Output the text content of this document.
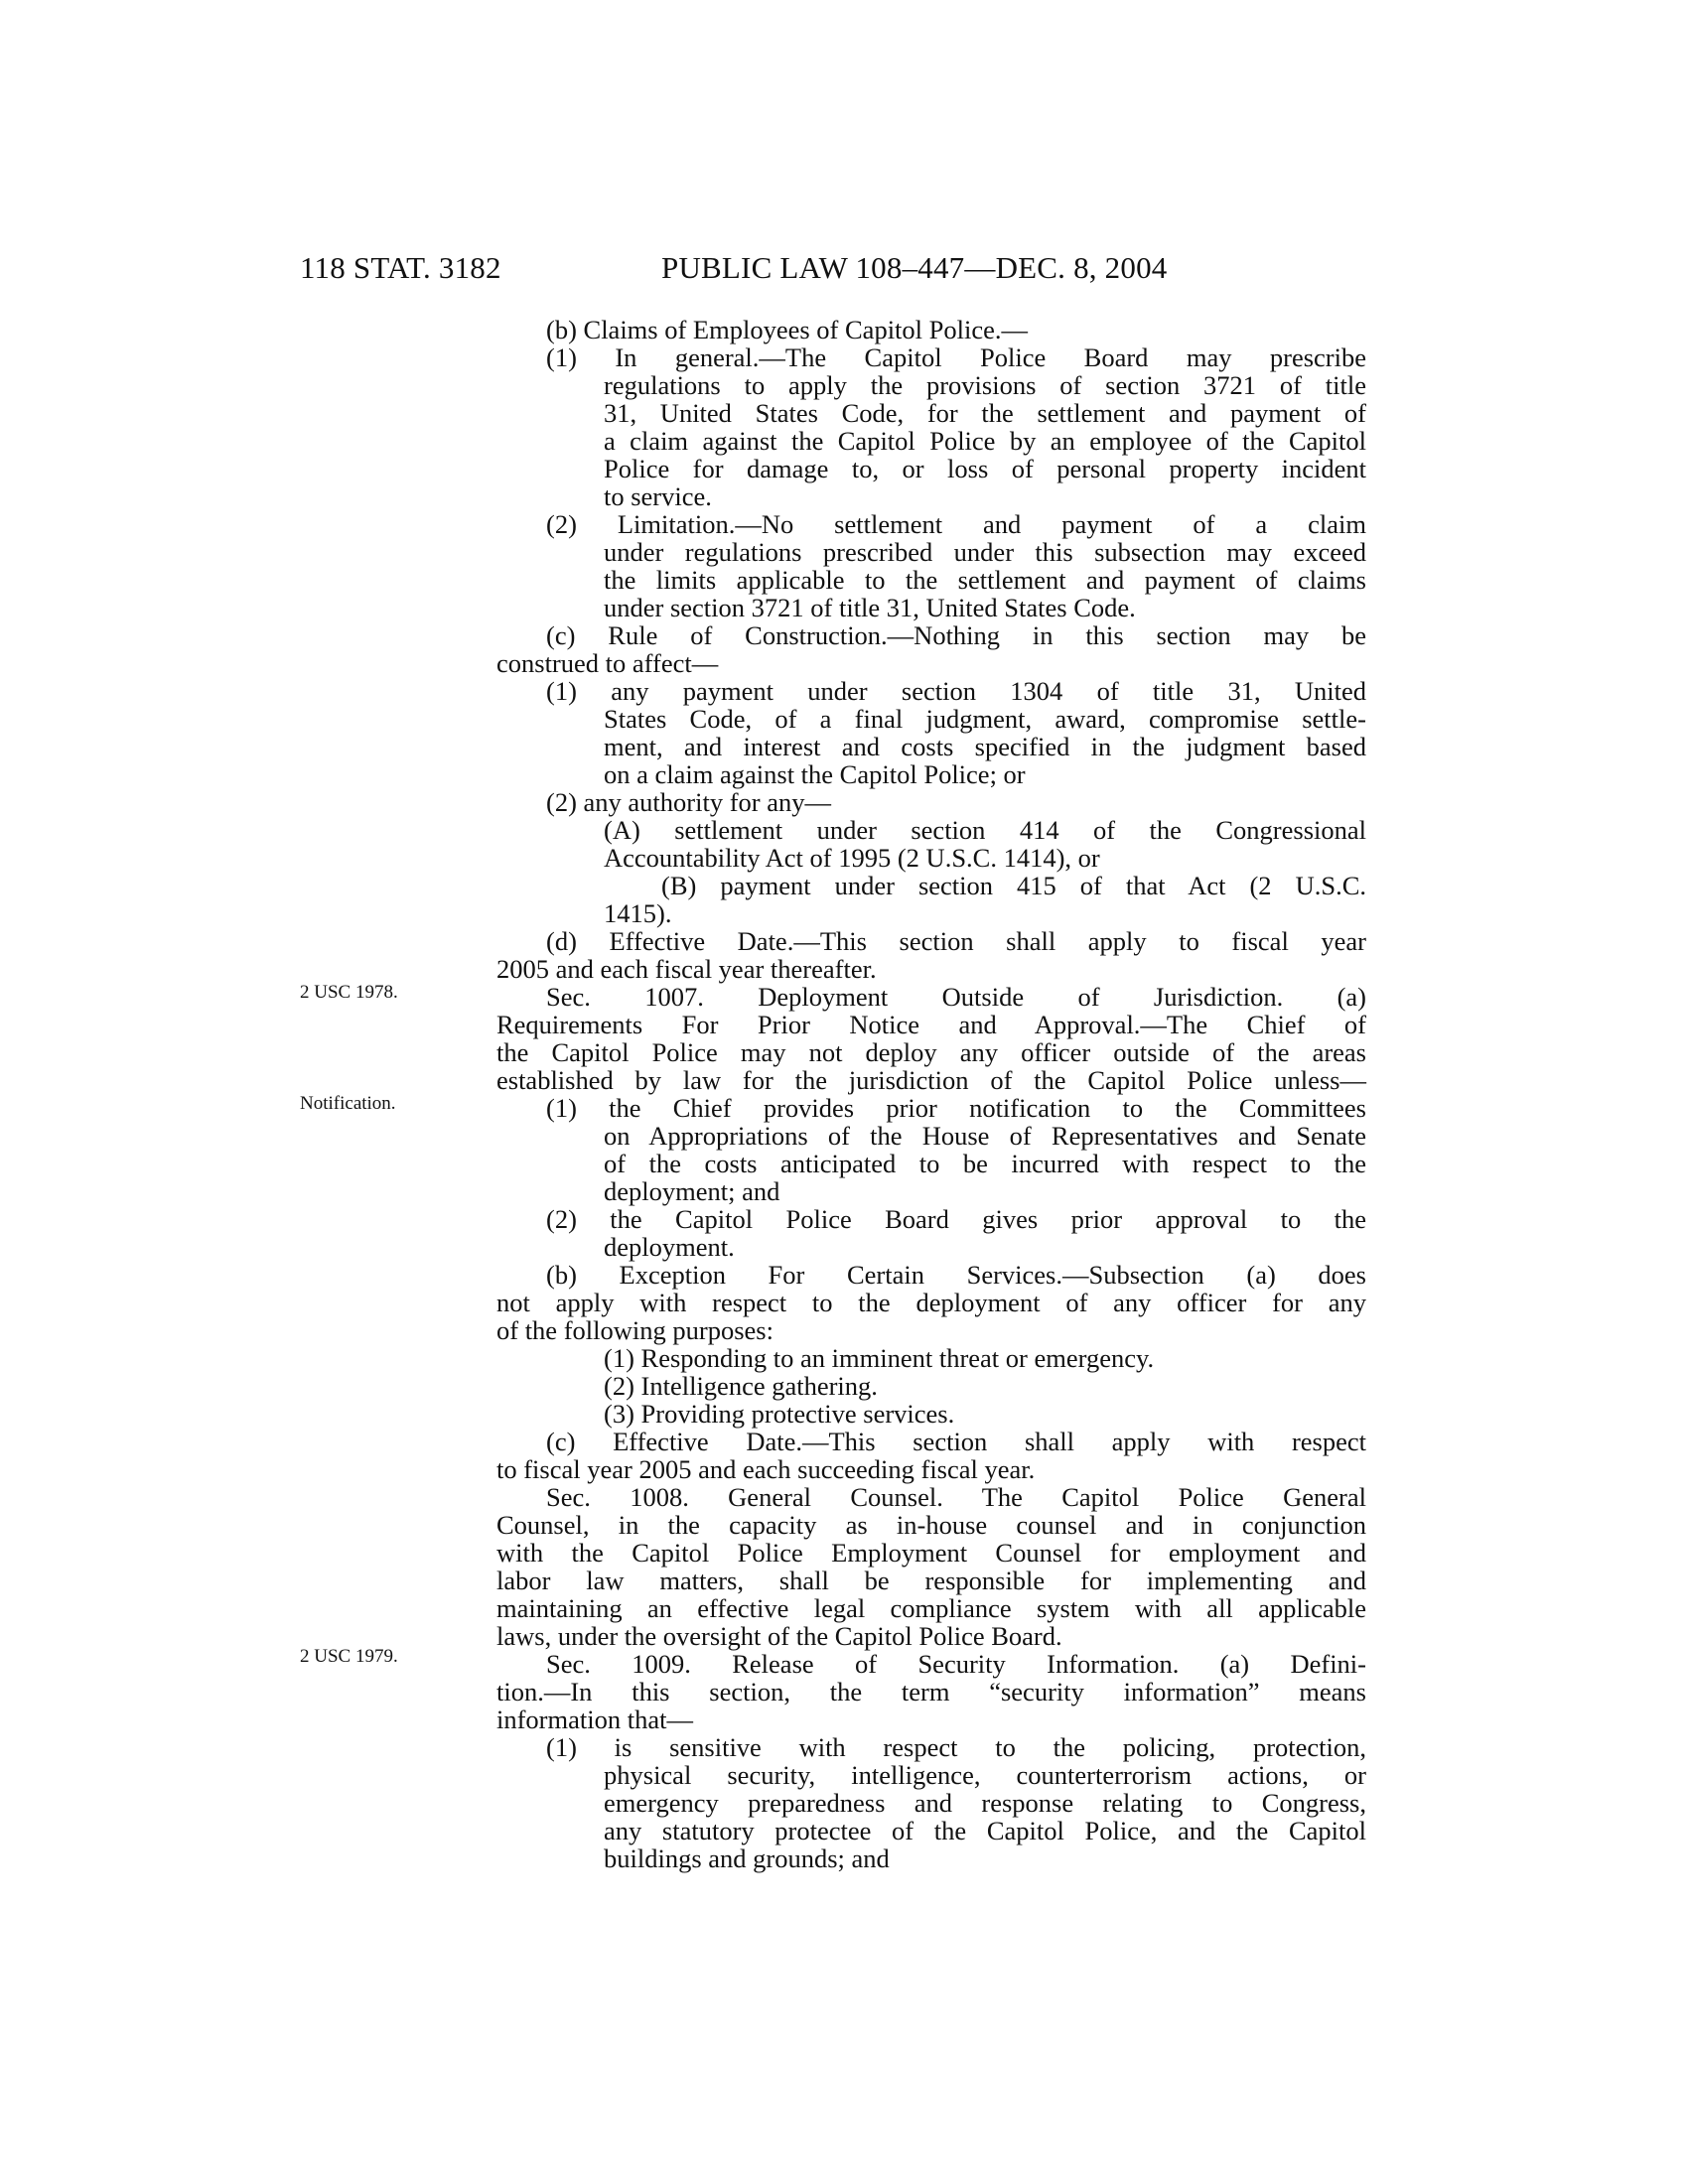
118 STAT. 3182	PUBLIC LAW 108–447—DEC. 8, 2004
2 USC 1978.
Notification.
2 USC 1979.
(b) Claims of Employees of Capitol Police.—
(1) In general.—The Capitol Police Board may prescribe
regulations to apply the provisions of section 3721 of title
31, United States Code, for the settlement and payment of
a claim against the Capitol Police by an employee of the Capitol
Police for damage to, or loss of personal property incident
to service.
(2) Limitation.—No settlement and payment of a claim
under regulations prescribed under this subsection may exceed
the limits applicable to the settlement and payment of claims
under section 3721 of title 31, United States Code.
(c) Rule of Construction.—Nothing in this section may be
construed to affect—
(1) any payment under section 1304 of title 31, United
States Code, of a final judgment, award, compromise settle-
ment, and interest and costs specified in the judgment based
on a claim against the Capitol Police; or
(2) any authority for any—
(A) settlement under section 414 of the Congressional
Accountability Act of 1995 (2 U.S.C. 1414), or
(B) payment under section 415 of that Act (2 U.S.C.
1415).
(d) Effective Date.—This section shall apply to fiscal year
2005 and each fiscal year thereafter.
Sec. 1007. Deployment Outside of Jurisdiction. (a)
Requirements For Prior Notice and Approval.—The Chief of
the Capitol Police may not deploy any officer outside of the areas
established by law for the jurisdiction of the Capitol Police unless—
(1) the Chief provides prior notification to the Committees
on Appropriations of the House of Representatives and Senate
of the costs anticipated to be incurred with respect to the
deployment; and
(2) the Capitol Police Board gives prior approval to the
deployment.
(b) Exception For Certain Services.—Subsection (a) does
not apply with respect to the deployment of any officer for any
of the following purposes:
(1) Responding to an imminent threat or emergency.
(2) Intelligence gathering.
(3) Providing protective services.
(c) Effective Date.—This section shall apply with respect
to fiscal year 2005 and each succeeding fiscal year.
Sec. 1008. General Counsel. The Capitol Police General
Counsel, in the capacity as in-house counsel and in conjunction
with the Capitol Police Employment Counsel for employment and
labor law matters, shall be responsible for implementing and
maintaining an effective legal compliance system with all applicable
laws, under the oversight of the Capitol Police Board.
Sec. 1009. Release of Security Information. (a) Defini-
tion.—In this section, the term “security information” means
information that—
(1) is sensitive with respect to the policing, protection,
physical security, intelligence, counterterrorism actions, or
emergency preparedness and response relating to Congress,
any statutory protectee of the Capitol Police, and the Capitol
buildings and grounds; and
